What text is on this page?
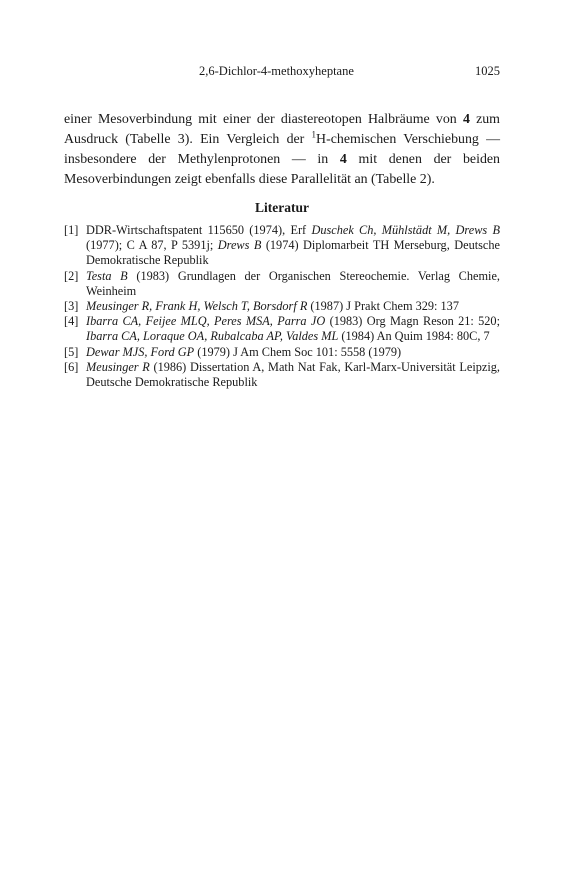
2,6-Dichlor-4-methoxyheptane	1025

einer Mesoverbindung mit einer der diastereotopen Halbräume von 4 zum Ausdruck (Tabelle 3). Ein Vergleich der $^1$H-chemischen Verschiebung — insbesondere der Methylenprotonen — in 4 mit denen der beiden Mesoverbindungen zeigt ebenfalls diese Parallelität an (Tabelle 2).

Literatur
[1] DDR-Wirtschaftspatent 115650 (1974), Erf Duschek Ch, Mühlstädt M, Drews B (1977); C A 87, P 5391j; Drews B (1974) Diplomarbeit TH Merseburg, Deutsche Demokratische Republik
[2] Testa B (1983) Grundlagen der Organischen Stereochemie. Verlag Chemie, Weinheim
[3] Meusinger R, Frank H, Welsch T, Borsdorf R (1987) J Prakt Chem 329: 137
[4] Ibarra CA, Feijee MLQ, Peres MSA, Parra JO (1983) Org Magn Reson 21: 520; Ibarra CA, Loraque OA, Rubalcaba AP, Valdes ML (1984) An Quim 1984: 80C, 7
[5] Dewar MJS, Ford GP (1979) J Am Chem Soc 101: 5558 (1979)
[6] Meusinger R (1986) Dissertation A, Math Nat Fak, Karl-Marx-Universität Leipzig, Deutsche Demokratische Republik
